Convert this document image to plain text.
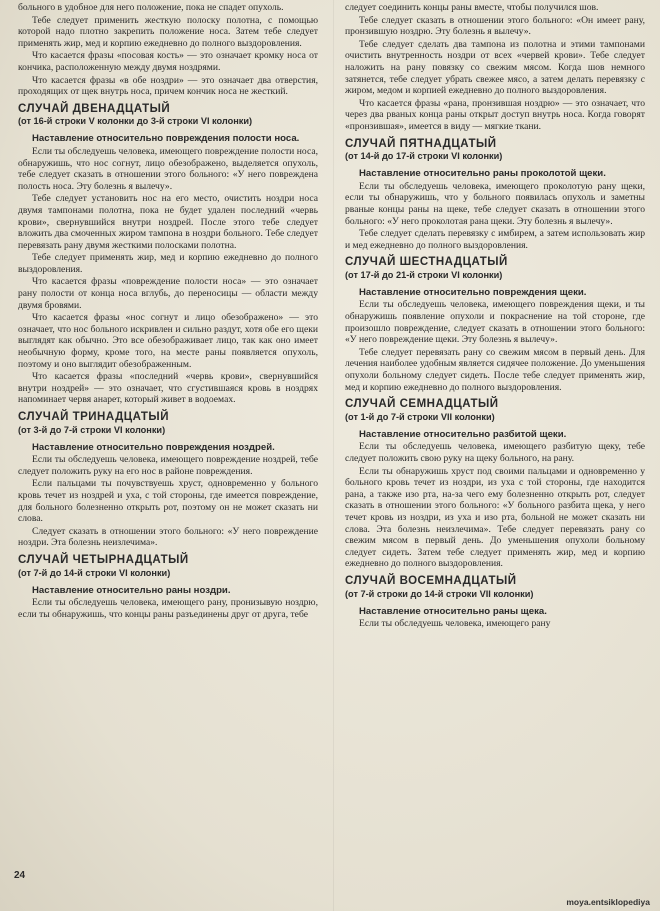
больного в удобное для него положение, пока не спадет опухоль.

Тебе следует применить жесткую полоску полотна, с помощью которой надо плотно закрепить положение носа. Затем тебе следует применять жир, мед и корпию ежедневно до полного выздоровления.

Что касается фразы «посовая кость» — это означает кромку носа от кончика, расположенную между двумя ноздрями.

Что касается фразы «в обе ноздри» — это означает два отверстия, проходящих от щек внутрь носа, причем кончик носа не жесткий.

СЛУЧАЙ ДВЕНАДЦАТЫЙ
(от 16-й строки V колонки до 3-й строки VI колонки)
Наставление относительно повреждения полости носа.

Если ты обследуешь человека, имеющего повреждение полости носа, обнаружишь, что нос согнут, лицо обезображено, выделяется опухоль, тебе следует сказать в отношении этого больного: «У него повреждена полость носа. Эту болезнь я вылечу».

Тебе следует установить нос на его место, очистить ноздри носа двумя тампонами полотна, пока не будет удален последний «червь крови», свернувшийся внутри ноздрей. После этого тебе следует вложить два смоченных жиром тампона в ноздри больного. Тебе следует перевязать рану двумя жесткими полосками полотна.

Тебе следует применять жир, мед и корпию ежедневно до полного выздоровления.

Что касается фразы «повреждение полости носа» — это означает рану полости от конца носа вглубь, до переносицы — области между двумя бровями.

Что касается фразы «нос согнут и лицо обезображено» — это означает, что нос больного искривлен и сильно раздут, хотя обе его щеки выглядят как обычно. Это все обезображивает лицо, так как оно имеет необычную форму, кроме того, на месте раны появляется опухоль, поэтому и оно выглядит обезображенным.

Что касается фразы «последний «червь крови», свернувшийся внутри ноздрей» — это означает, что сгустившаяся кровь в ноздрях напоминает червя анарет, который живет в водоемах.

СЛУЧАЙ ТРИНАДЦАТЫЙ
(от 3-й до 7-й строки VI колонки)
Наставление относительно повреждения ноздрей.

Если ты обследуешь человека, имеющего повреждение ноздрей, тебе следует положить руку на его нос в районе повреждения.

Если пальцами ты почувствуешь хруст, одновременно у больного кровь течет из ноздрей и уха, с той стороны, где имеется повреждение, для больного болезненно открыть рот, поэтому он не может сказать ни слова.

Следует сказать в отношении этого больного: «У него повреждение ноздри. Эта болезнь неизлечима».

СЛУЧАЙ ЧЕТЫРНАДЦАТЫЙ
(от 7-й до 14-й строки VI колонки)
Наставление относительно раны ноздри.

Если ты обследуешь человека, имеющего рану, пронизывую ноздрю, если ты обнаружишь, что концы раны разъединены друг от друга, тебе

следует соединить концы раны вместе, чтобы получился шов.

Тебе следует сказать в отношении этого больного: «Он имеет рану, пронзившую ноздрю. Эту болезнь я вылечу».

Тебе следует сделать два тампона из полотна и этими тампонами очистить внутренность ноздри от всех «червей крови». Тебе следует наложить на рану повязку со свежим мясом. Когда шов немного затянется, тебе следует убрать свежее мясо, а затем делать перевязку с жиром, медом и корпией ежедневно до полного выздоровления.

Что касается фразы «рана, пронзившая ноздрю» — это означает, что через два рваных конца раны открыт доступ внутрь носа. Когда говорят «пронзившая», имеется в виду — мягкие ткани.

СЛУЧАЙ ПЯТНАДЦАТЫЙ
(от 14-й до 17-й строки VI колонки)
Наставление относительно раны проколотой щеки.

Если ты обследуешь человека, имеющего проколотую рану щеки, если ты обнаружишь, что у больного появилась опухоль и заметны рваные концы раны на щеке, тебе следует сказать в отношении этого больного: «У него проколотая рана щеки. Эту болезнь я вылечу».

Тебе следует сделать перевязку с имбирем, а затем использовать жир и мед ежедневно до полного выздоровления.

СЛУЧАЙ ШЕСТНАДЦАТЫЙ
(от 17-й до 21-й строки VI колонки)
Наставление относительно повреждения щеки.

Если ты обследуешь человека, имеющего повреждения щеки, и ты обнаружишь появление опухоли и покраснение на той стороне, где произошло повреждение, следует сказать в отношении этого больного: «У него повреждение щеки. Эту болезнь я вылечу».

Тебе следует перевязать рану со свежим мясом в первый день. Для лечения наиболее удобным является сидячее положение. До уменьшения опухоли больному следует сидеть. После тебе следует применять жир, мед и корпию ежедневно до полного выздоровления.

СЛУЧАЙ СЕМНАДЦАТЫЙ
(от 1-й до 7-й строки VII колонки)
Наставление относительно разбитой щеки.

Если ты обследуешь человека, имеющего разбитую щеку, тебе следует положить свою руку на щеку больного, на рану.

Если ты обнаружишь хруст под своими пальцами и одновременно у больного кровь течет из ноздри, из уха с той стороны, где находится рана, а также изо рта, на-за чего ему болезненно открыть рот, следует сказать в отношении этого больного: «У больного разбита щека, у него течет кровь из ноздри, из уха и изо рта, больной не может сказать ни слова. Эта болезнь неизлечима». Тебе следует перевязать рану со свежим мясом в первый день. До уменьшения опухоли больному следует сидеть. Затем тебе следует применять жир, мед и корпию ежедневно до полного выздоровления.

СЛУЧАЙ ВОСЕМНАДЦАТЫЙ
(от 7-й строки до 14-й строки VII колонки)
Наставление относительно раны щека.

Если ты обследуешь человека, имеющего рану

24
moya.entsiklopediya
